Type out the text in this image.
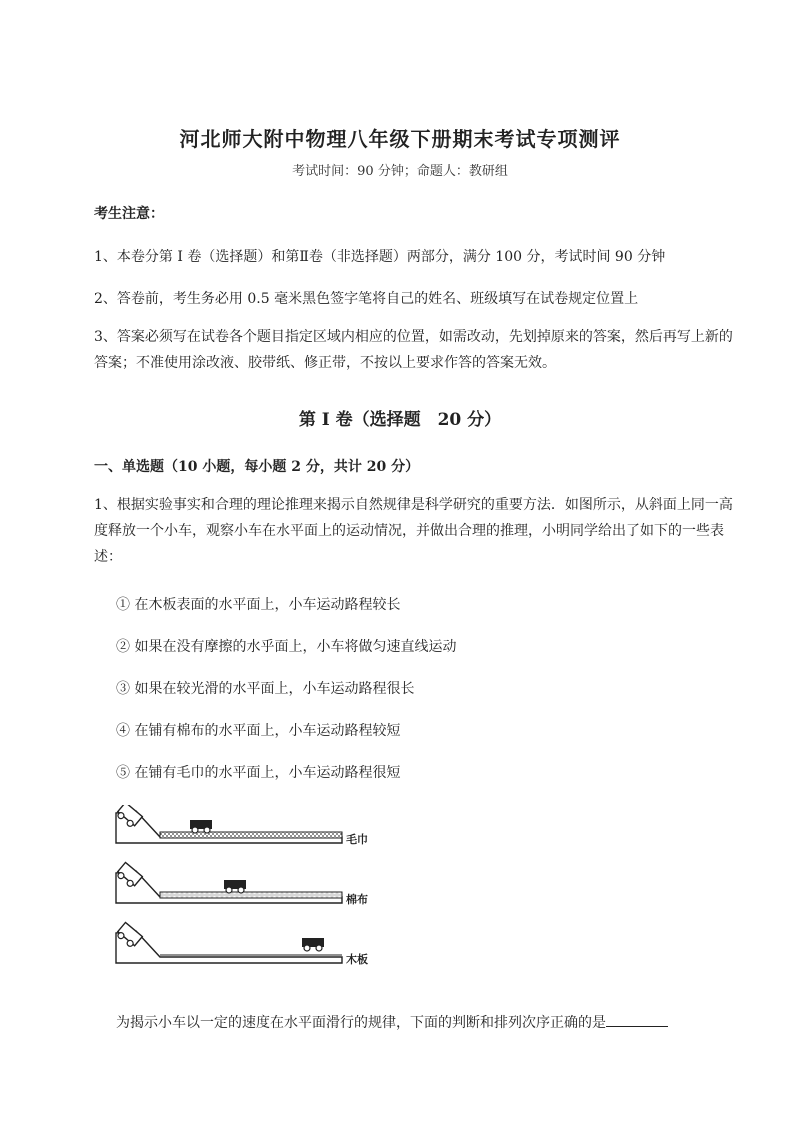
河北师大附中物理八年级下册期末考试专项测评
考试时间：90 分钟；命题人：教研组
考生注意：
1、本卷分第 I 卷（选择题）和第Ⅱ卷（非选择题）两部分，满分 100 分，考试时间 90 分钟
2、答卷前，考生务必用 0.5 毫米黑色签字笔将自己的姓名、班级填写在试卷规定位置上
3、答案必须写在试卷各个题目指定区域内相应的位置，如需改动，先划掉原来的答案，然后再写上新的答案；不准使用涂改液、胶带纸、修正带，不按以上要求作答的答案无效。
第 I 卷（选择题　20 分）
一、单选题（10 小题，每小题 2 分，共计 20 分）
1、根据实验事实和合理的理论推理来揭示自然规律是科学研究的重要方法．如图所示，从斜面上同一高度释放一个小车，观察小车在水平面上的运动情况，并做出合理的推理，小明同学给出了如下的一些表述：
① 在木板表面的水平面上，小车运动路程较长
② 如果在没有摩擦的水乎面上，小车将做匀速直线运动
③ 如果在较光滑的水平面上，小车运动路程很长
④ 在铺有棉布的水平面上，小车运动路程较短
⑤ 在铺有毛巾的水平面上，小车运动路程很短
毛巾
棉布
木板
为揭示小车以一定的速度在水平面滑行的规律，下面的判断和排列次序正确的是
